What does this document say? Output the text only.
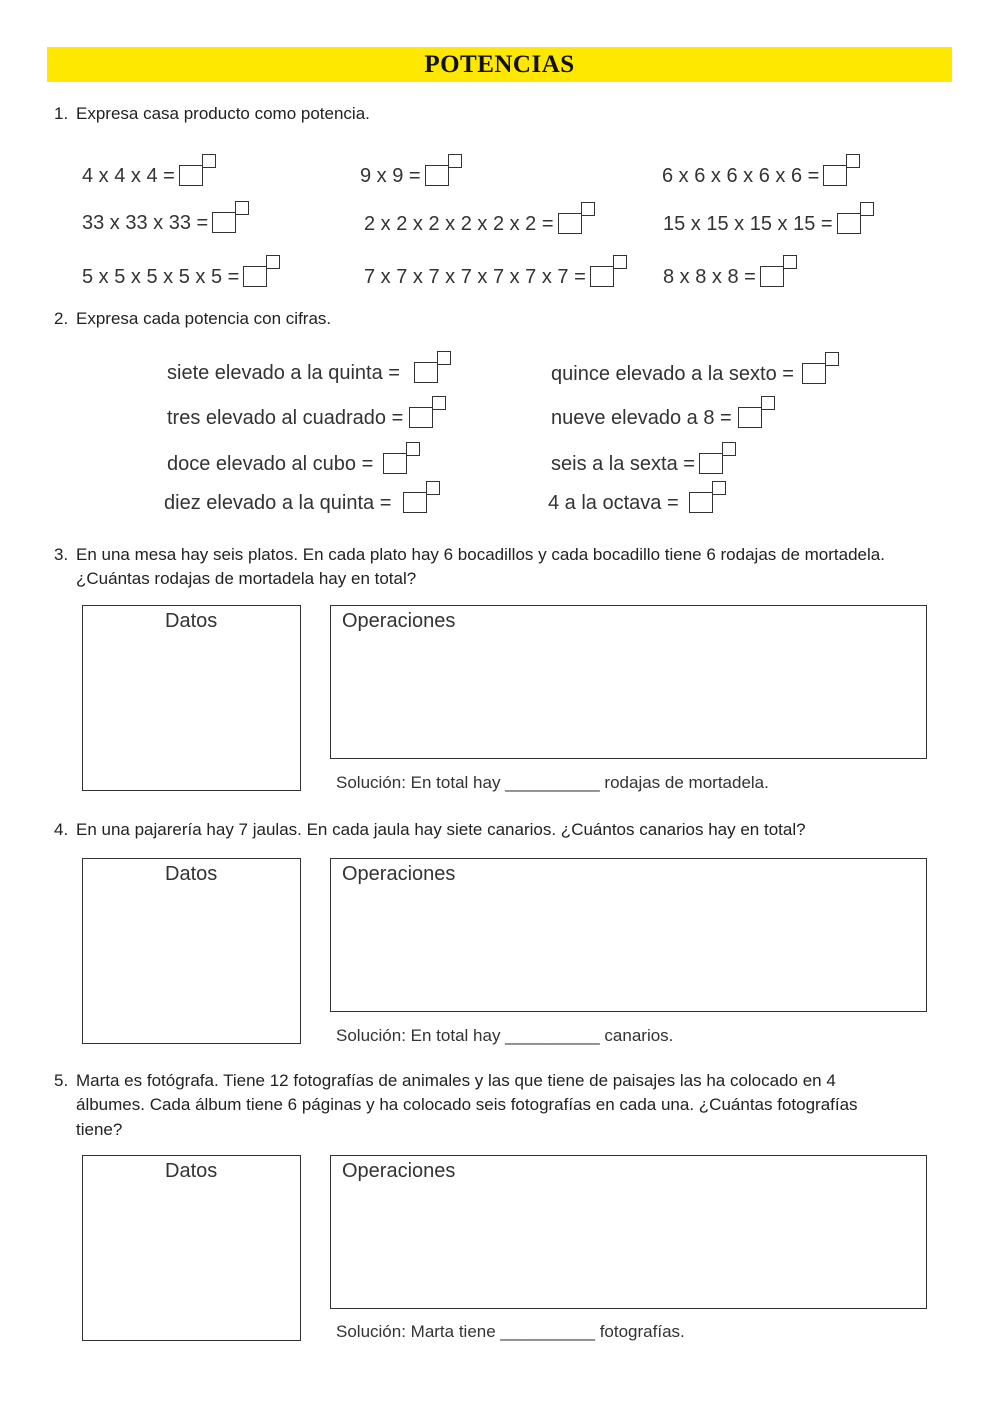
POTENCIAS
1. Expresa casa producto como potencia.
4 x 4 x 4 =	9 x 9 =	6 x 6 x 6 x 6 x 6 =
33 x 33 x 33 =	2 x 2 x 2 x 2 x 2 x 2 =	15 x 15 x 15 x 15 =
5 x 5 x 5 x 5 x 5 =	7 x 7 x 7 x 7 x 7 x 7 x 7 =	8 x 8 x 8 =
2. Expresa cada potencia con cifras.
siete elevado a la quinta =	quince elevado a la sexto =
tres elevado al cuadrado =	nueve elevado a 8 =
doce elevado al cubo =	seis a la sexta =
diez elevado a la quinta =	4 a la octava =
3. En una mesa hay seis platos. En cada plato hay 6 bocadillos y cada bocadillo tiene 6 rodajas de mortadela.
¿Cuántas rodajas de mortadela hay en total?
Datos	Operaciones
Solución: En total hay __________ rodajas de mortadela.
4. En una pajarería hay 7 jaulas. En cada jaula hay siete canarios. ¿Cuántos canarios hay en total?
Datos	Operaciones
Solución: En total hay __________ canarios.
5. Marta es fotógrafa. Tiene 12 fotografías de animales y las que tiene de paisajes las ha colocado en 4
álbumes. Cada álbum tiene 6 páginas y ha colocado seis fotografías en cada una. ¿Cuántas fotografías
tiene?
Datos	Operaciones
Solución: Marta tiene __________ fotografías.
